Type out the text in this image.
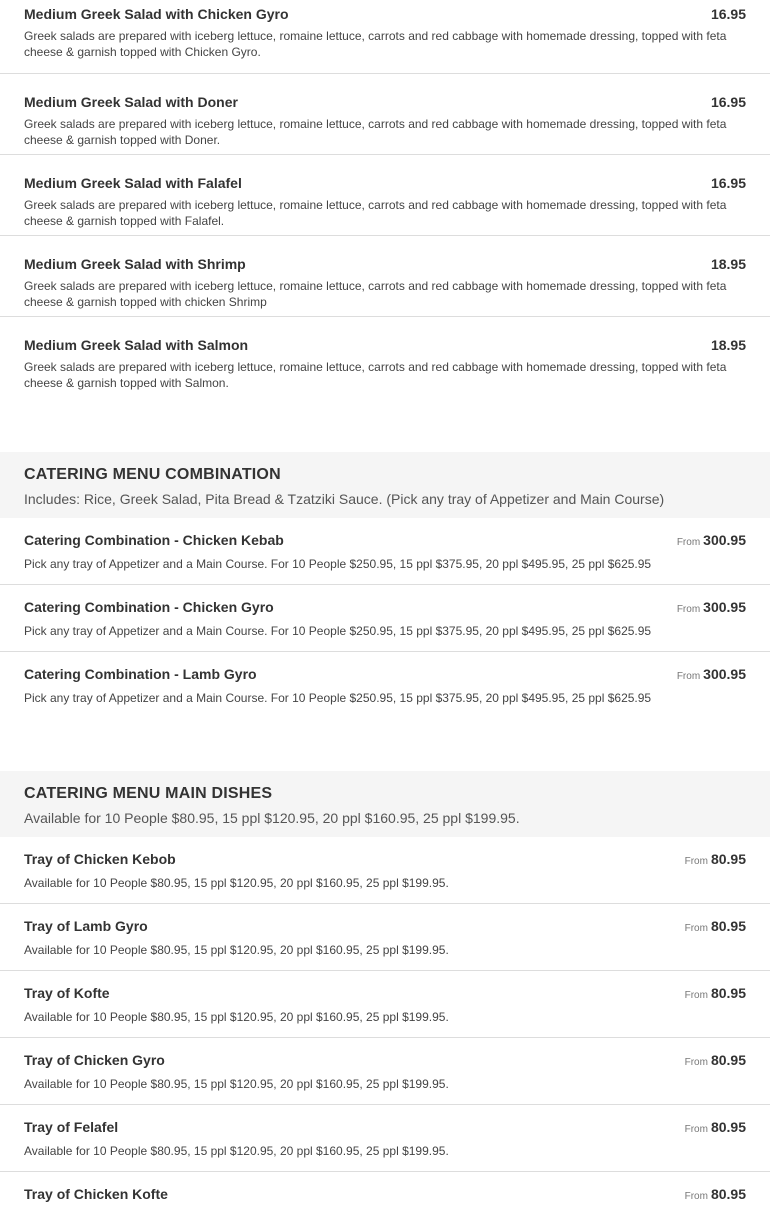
Medium Greek Salad with Chicken Gyro	16.95
Greek salads are prepared with iceberg lettuce, romaine lettuce, carrots and red cabbage with homemade dressing, topped with feta cheese & garnish topped with Chicken Gyro.
Medium Greek Salad with Doner	16.95
Greek salads are prepared with iceberg lettuce, romaine lettuce, carrots and red cabbage with homemade dressing, topped with feta cheese & garnish topped with Doner.
Medium Greek Salad with Falafel	16.95
Greek salads are prepared with iceberg lettuce, romaine lettuce, carrots and red cabbage with homemade dressing, topped with feta cheese & garnish topped with Falafel.
Medium Greek Salad with Shrimp	18.95
Greek salads are prepared with iceberg lettuce, romaine lettuce, carrots and red cabbage with homemade dressing, topped with feta cheese & garnish topped with chicken Shrimp
Medium Greek Salad with Salmon	18.95
Greek salads are prepared with iceberg lettuce, romaine lettuce, carrots and red cabbage with homemade dressing, topped with feta cheese & garnish topped with Salmon.
CATERING MENU COMBINATION
Includes: Rice, Greek Salad, Pita Bread & Tzatziki Sauce. (Pick any tray of Appetizer and Main Course)
Catering Combination - Chicken Kebab	From 300.95
Pick any tray of Appetizer and a Main Course. For 10 People $250.95, 15 ppl $375.95, 20 ppl $495.95, 25 ppl $625.95
Catering Combination - Chicken Gyro	From 300.95
Pick any tray of Appetizer and a Main Course. For 10 People $250.95, 15 ppl $375.95, 20 ppl $495.95, 25 ppl $625.95
Catering Combination - Lamb Gyro	From 300.95
Pick any tray of Appetizer and a Main Course. For 10 People $250.95, 15 ppl $375.95, 20 ppl $495.95, 25 ppl $625.95
CATERING MENU MAIN DISHES
Available for 10 People $80.95, 15 ppl $120.95, 20 ppl $160.95, 25 ppl $199.95.
Tray of Chicken Kebob	From 80.95
Available for 10 People $80.95, 15 ppl $120.95, 20 ppl $160.95, 25 ppl $199.95.
Tray of Lamb Gyro	From 80.95
Available for 10 People $80.95, 15 ppl $120.95, 20 ppl $160.95, 25 ppl $199.95.
Tray of Kofte	From 80.95
Available for 10 People $80.95, 15 ppl $120.95, 20 ppl $160.95, 25 ppl $199.95.
Tray of Chicken Gyro	From 80.95
Available for 10 People $80.95, 15 ppl $120.95, 20 ppl $160.95, 25 ppl $199.95.
Tray of Felafel	From 80.95
Available for 10 People $80.95, 15 ppl $120.95, 20 ppl $160.95, 25 ppl $199.95.
Tray of Chicken Kofte	From 80.95
